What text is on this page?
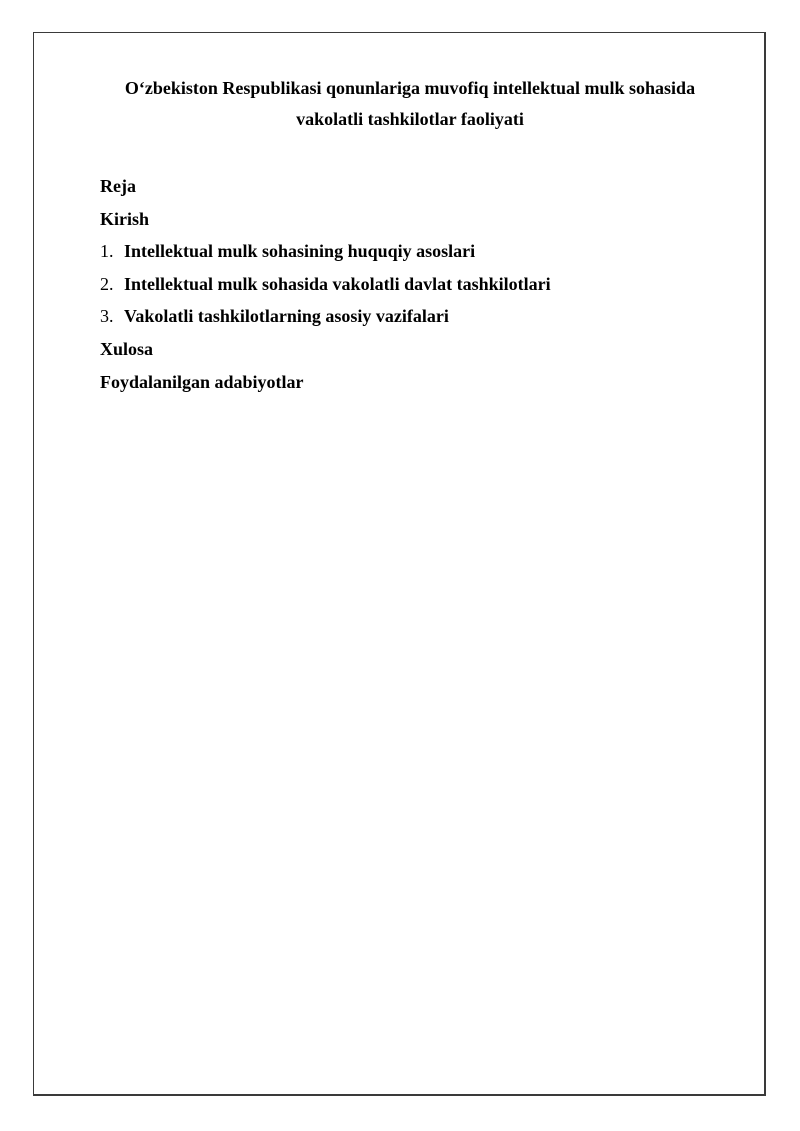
O‘zbekiston Respublikasi qonunlariga muvofiq intellektual mulk sohasida
vakolatli tashkilotlar faoliyati
Reja
Kirish
1. Intellektual mulk sohasining huquqiy asoslari
2. Intellektual mulk sohasida vakolatli davlat tashkilotlari
3. Vakolatli tashkilotlarning asosiy vazifalari
Xulosa
Foydalanilgan adabiyotlar
